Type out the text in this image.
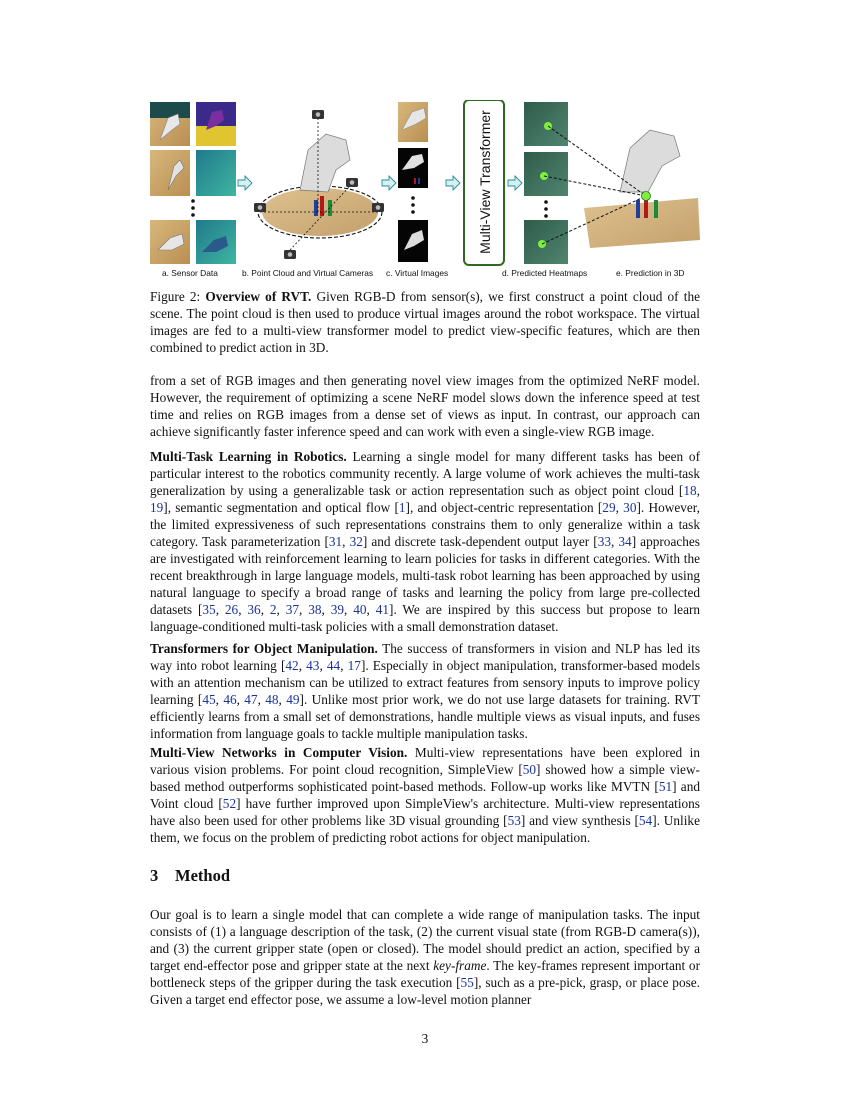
Multi-View Transformer
a. Sensor Data	b. Point Cloud and Virtual Cameras c. Virtual Images	d. Predicted Heatmaps	e. Prediction in 3D
Figure 2: Overview of RVT. Given RGB-D from sensor(s), we first construct a point cloud of the scene. The point cloud is then used to produce virtual images around the robot workspace. The virtual images are fed to a multi-view transformer model to predict view-specific features, which are then combined to predict action in 3D.

from a set of RGB images and then generating novel view images from the optimized NeRF model. However, the requirement of optimizing a scene NeRF model slows down the inference speed at test time and relies on RGB images from a dense set of views as input. In contrast, our approach can achieve significantly faster inference speed and can work with even a single-view RGB image.

Multi-Task Learning in Robotics. Learning a single model for many different tasks has been of particular interest to the robotics community recently. A large volume of work achieves the multi-task generalization by using a generalizable task or action representation such as object point cloud [18, 19], semantic segmentation and optical flow [1], and object-centric representation [29, 30]. However, the limited expressiveness of such representations constrains them to only generalize within a task category. Task parameterization [31, 32] and discrete task-dependent output layer [33, 34] approaches are investigated with reinforcement learning to learn policies for tasks in different categories. With the recent breakthrough in large language models, multi-task robot learning has been approached by using natural language to specify a broad range of tasks and learning the policy from large pre-collected datasets [35, 26, 36, 2, 37, 38, 39, 40, 41]. We are inspired by this success but propose to learn language-conditioned multi-task policies with a small demonstration dataset.

Transformers for Object Manipulation. The success of transformers in vision and NLP has led its way into robot learning [42, 43, 44, 17]. Especially in object manipulation, transformer-based models with an attention mechanism can be utilized to extract features from sensory inputs to improve policy learning [45, 46, 47, 48, 49]. Unlike most prior work, we do not use large datasets for training. RVT efficiently learns from a small set of demonstrations, handle multiple views as visual inputs, and fuses information from language goals to tackle multiple manipulation tasks.

Multi-View Networks in Computer Vision. Multi-view representations have been explored in various vision problems. For point cloud recognition, SimpleView [50] showed how a simple view-based method outperforms sophisticated point-based methods. Follow-up works like MVTN [51] and Voint cloud [52] have further improved upon SimpleView's architecture. Multi-view representations have also been used for other problems like 3D visual grounding [53] and view synthesis [54]. Unlike them, we focus on the problem of predicting robot actions for object manipulation.

3 Method

Our goal is to learn a single model that can complete a wide range of manipulation tasks. The input consists of (1) a language description of the task, (2) the current visual state (from RGB-D camera(s)), and (3) the current gripper state (open or closed). The model should predict an action, specified by a target end-effector pose and gripper state at the next key-frame. The key-frames represent important or bottleneck steps of the gripper during the task execution [55], such as a pre-pick, grasp, or place pose. Given a target end effector pose, we assume a low-level motion planner

3
